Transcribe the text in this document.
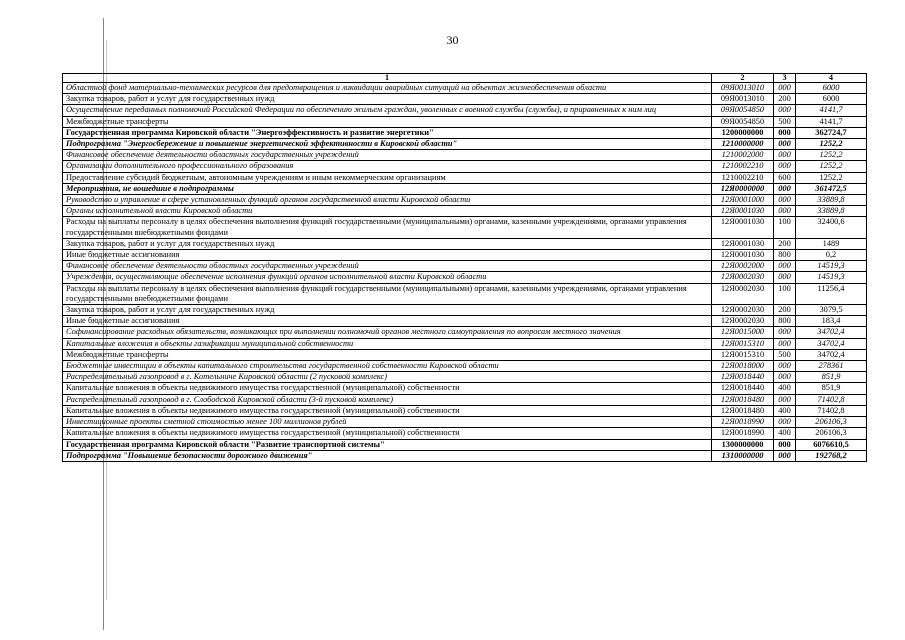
30
1	2	3	4
Областной фонд материально-технических ресурсов для предотвращения и ликвидации аварийных ситуаций на объектах жизнеобеспечения области	09Я0013010	000	6000
Закупка товаров, работ и услуг для государственных нужд	09Я0013010	200	6000
Осуществление переданных полномочий Российской Федерации по обеспечению жильем граждан, уволенных с военной службы (службы), и приравненных к ним лиц	09Я0054850	000	4141,7
Межбюджетные трансферты	09Я0054850	500	4141,7
Государственная программа Кировской области "Энергоэффективность и развитие энергетики"	1200000000	000	362724,7
Подпрограмма "Энергосбережение и повышение энергетической эффективности в Кировской области"	1210000000	000	1252,2
Финансовое обеспечение деятельности областных государственных учреждений	1210002000	000	1252,2
Организации дополнительного профессионального образования	1210002210	000	1252,2
Предоставление субсидий бюджетным, автономным учреждениям и иным некоммерческим организациям	1210002210	600	1252,2
Мероприятия, не вошедшие в подпрограммы	12Я0000000	000	361472,5
Руководство и управление в сфере установленных функций органов государственной власти Кировской области	12Я0001000	000	33889,8
Органы исполнительной власти Кировской области	12Я0001030	000	33889,8
Расходы на выплаты персоналу в целях обеспечения выполнения функций государственными (муниципальными) органами, казенными учреждениями, органами управления государственными внебюджетными фондами	12Я0001030	100	32400,6
Закупка товаров, работ и услуг для государственных нужд	12Я0001030	200	1489
Иные бюджетные ассигнования	12Я0001030	800	0,2
Финансовое обеспечение деятельности областных государственных учреждений	12Я0002000	000	14519,3
Учреждения, осуществляющие обеспечение исполнения функций органов исполнительной власти Кировской области	12Я0002030	000	14519,3
Расходы на выплаты персоналу в целях обеспечения выполнения функций государственными (муниципальными) органами, казенными учреждениями, органами управления государственными внебюджетными фондами	12Я0002030	100	11256,4
Закупка товаров, работ и услуг для государственных нужд	12Я0002030	200	3079,5
Иные бюджетные ассигнования	12Я0002030	800	183,4
Софинансирование расходных обязательств, возникающих при выполнении полномочий органов местного самоуправления по вопросам местного значения	12Я0015000	000	34702,4
Капитальные вложения в объекты газификации муниципальной собственности	12Я0015310	000	34702,4
Межбюджетные трансферты	12Я0015310	500	34702,4
Бюджетные инвестиции в объекты капитального строительства государственной собственности Кировской области	12Я0018000	000	278361
Распределительный газопровод в г. Котельниче Кировской области (2 пусковой комплекс)	12Я0018440	000	851,9
Капитальные вложения в объекты недвижимого имущества государственной (муниципальной) собственности	12Я0018440	400	851,9
Распределительный газопровод в г. Слободской Кировской области (3-й пусковой комплекс)	12Я0018480	000	71402,8
Капитальные вложения в объекты недвижимого имущества государственной (муниципальной) собственности	12Я0018480	400	71402,8
Инвестиционные проекты сметной стоимостью менее 100 миллионов рублей	12Я0018990	000	206106,3
Капитальные вложения в объекты недвижимого имущества государственной (муниципальной) собственности	12Я0018990	400	206106,3
Государственная программа Кировской области "Развитие транспортной системы"	1300000000	000	6076610,5
Подпрограмма "Повышение безопасности дорожного движения"	1310000000	000	192768,2
